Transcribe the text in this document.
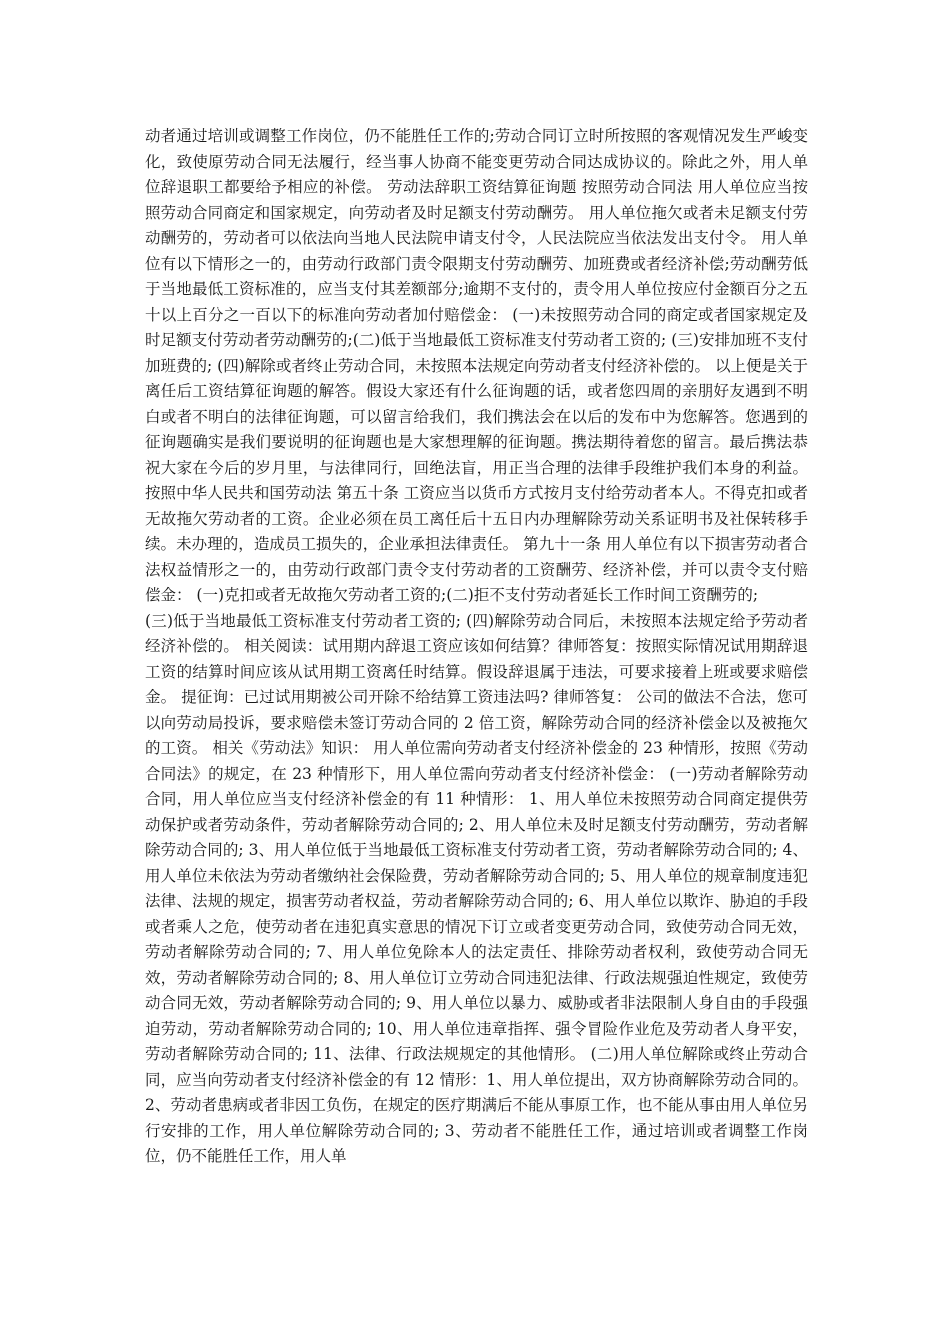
动者通过培训或调整工作岗位，仍不能胜任工作的;劳动合同订立时所按照的客观情况发生严峻变化，致使原劳动合同无法履行，经当事人协商不能变更劳动合同达成协议的。除此之外，用人单位辞退职工都要给予相应的补偿。 劳动法辞职工资结算征询题 按照劳动合同法 用人单位应当按照劳动合同商定和国家规定，向劳动者及时足额支付劳动酬劳。 用人单位拖欠或者未足额支付劳动酬劳的，劳动者可以依法向当地人民法院申请支付令，人民法院应当依法发出支付令。 用人单位有以下情形之一的，由劳动行政部门责令限期支付劳动酬劳、加班费或者经济补偿;劳动酬劳低于当地最低工资标准的，应当支付其差额部分;逾期不支付的，责令用人单位按应付金额百分之五十以上百分之一百以下的标准向劳动者加付赔偿金： (一)未按照劳动合同的商定或者国家规定及时足额支付劳动者劳动酬劳的;(二)低于当地最低工资标准支付劳动者工资的; (三)安排加班不支付加班费的; (四)解除或者终止劳动合同，未按照本法规定向劳动者支付经济补偿的。 以上便是关于离任后工资结算征询题的解答。假设大家还有什么征询题的话，或者您四周的亲朋好友遇到不明白或者不明白的法律征询题，可以留言给我们，我们携法会在以后的发布中为您解答。您遇到的征询题确实是我们要说明的征询题也是大家想理解的征询题。携法期待着您的留言。最后携法恭祝大家在今后的岁月里，与法律同行，回绝法盲，用正当合理的法律手段维护我们本身的利益。 按照中华人民共和国劳动法 第五十条 工资应当以货币方式按月支付给劳动者本人。不得克扣或者无故拖欠劳动者的工资。企业必须在员工离任后十五日内办理解除劳动关系证明书及社保转移手续。未办理的，造成员工损失的，企业承担法律责任。 第九十一条 用人单位有以下损害劳动者合法权益情形之一的，由劳动行政部门责令支付劳动者的工资酬劳、经济补偿，并可以责令支付赔偿金： (一)克扣或者无故拖欠劳动者工资的;(二)拒不支付劳动者延长工作时间工资酬劳的;

(三)低于当地最低工资标准支付劳动者工资的; (四)解除劳动合同后，未按照本法规定给予劳动者经济补偿的。 相关阅读：试用期内辞退工资应该如何结算？律师答复：按照实际情况试用期辞退工资的结算时间应该从试用期工资离任时结算。假设辞退属于违法，可要求接着上班或要求赔偿金。 提征询：已过试用期被公司开除不给结算工资违法吗? 律师答复： 公司的做法不合法，您可以向劳动局投诉，要求赔偿未签订劳动合同的 2 倍工资，解除劳动合同的经济补偿金以及被拖欠的工资。 相关《劳动法》知识： 用人单位需向劳动者支付经济补偿金的 23 种情形，按照《劳动合同法》的规定，在 23 种情形下，用人单位需向劳动者支付经济补偿金： (一)劳动者解除劳动合同，用人单位应当支付经济补偿金的有 11 种情形： 1、用人单位未按照劳动合同商定提供劳动保护或者劳动条件，劳动者解除劳动合同的; 2、用人单位未及时足额支付劳动酬劳，劳动者解除劳动合同的; 3、用人单位低于当地最低工资标准支付劳动者工资，劳动者解除劳动合同的; 4、用人单位未依法为劳动者缴纳社会保险费，劳动者解除劳动合同的; 5、用人单位的规章制度违犯法律、法规的规定，损害劳动者权益，劳动者解除劳动合同的; 6、用人单位以欺诈、胁迫的手段或者乘人之危，使劳动者在违犯真实意思的情况下订立或者变更劳动合同，致使劳动合同无效，劳动者解除劳动合同的; 7、用人单位免除本人的法定责任、排除劳动者权利，致使劳动合同无效，劳动者解除劳动合同的; 8、用人单位订立劳动合同违犯法律、行政法规强迫性规定，致使劳动合同无效，劳动者解除劳动合同的; 9、用人单位以暴力、威胁或者非法限制人身自由的手段强迫劳动，劳动者解除劳动合同的; 10、用人单位违章指挥、强令冒险作业危及劳动者人身平安，劳动者解除劳动合同的; 11、法律、行政法规规定的其他情形。 (二)用人单位解除或终止劳动合同，应当向劳动者支付经济补偿金的有 12 情形：1、用人单位提出，双方协商解除劳动合同的。 2、劳动者患病或者非因工负伤，在规定的医疗期满后不能从事原工作，也不能从事由用人单位另行安排的工作，用人单位解除劳动合同的; 3、劳动者不能胜任工作，通过培训或者调整工作岗位，仍不能胜任工作，用人单
